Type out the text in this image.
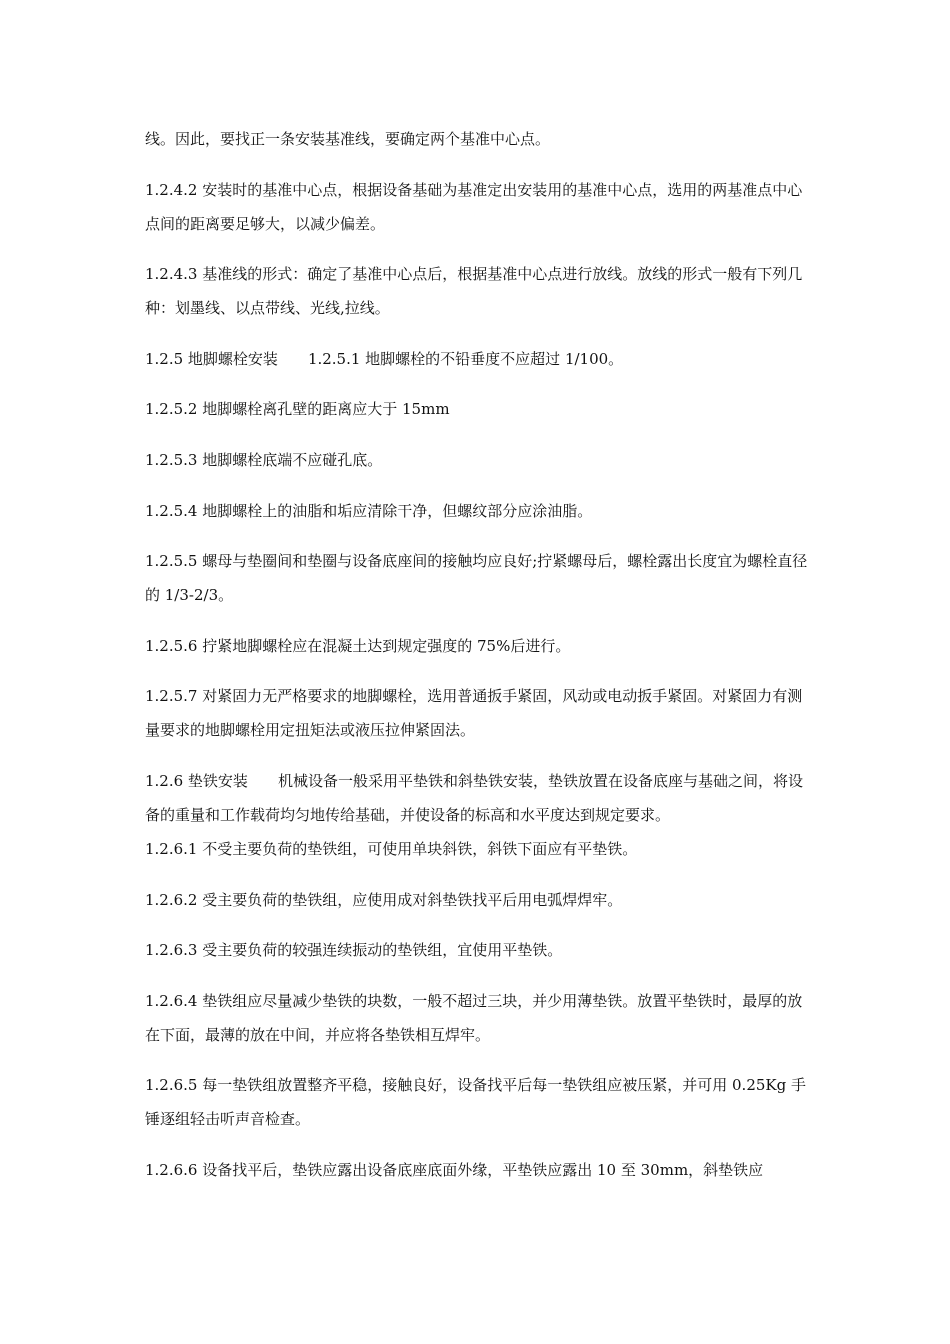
线。因此，要找正一条安装基准线，要确定两个基准中心点。

1.2.4.2 安装时的基准中心点，根据设备基础为基准定出安装用的基准中心点，选用的两基准点中心点间的距离要足够大，以减少偏差。

1.2.4.3 基准线的形式：确定了基准中心点后，根据基准中心点进行放线。放线的形式一般有下列几种：划墨线、以点带线、光线,拉线。

1.2.5 地脚螺栓安装 1.2.5.1 地脚螺栓的不铅垂度不应超过 1/100。

1.2.5.2 地脚螺栓离孔壁的距离应大于 15mm

1.2.5.3 地脚螺栓底端不应碰孔底。

1.2.5.4 地脚螺栓上的油脂和垢应清除干净，但螺纹部分应涂油脂。

1.2.5.5 螺母与垫圈间和垫圈与设备底座间的接触均应良好;拧紧螺母后，螺栓露出长度宜为螺栓直径的 1/3-2/3。

1.2.5.6 拧紧地脚螺栓应在混凝土达到规定强度的 75%后进行。

1.2.5.7 对紧固力无严格要求的地脚螺栓，选用普通扳手紧固，风动或电动扳手紧固。对紧固力有测量要求的地脚螺栓用定扭矩法或液压拉伸紧固法。

1.2.6 垫铁安装 机械设备一般采用平垫铁和斜垫铁安装，垫铁放置在设备底座与基础之间，将设备的重量和工作载荷均匀地传给基础，并使设备的标高和水平度达到规定要求。

1.2.6.1 不受主要负荷的垫铁组，可使用单块斜铁，斜铁下面应有平垫铁。

1.2.6.2 受主要负荷的垫铁组，应使用成对斜垫铁找平后用电弧焊焊牢。

1.2.6.3 受主要负荷的较强连续振动的垫铁组，宜使用平垫铁。

1.2.6.4 垫铁组应尽量减少垫铁的块数，一般不超过三块，并少用薄垫铁。放置平垫铁时，最厚的放在下面，最薄的放在中间，并应将各垫铁相互焊牢。

1.2.6.5 每一垫铁组放置整齐平稳，接触良好，设备找平后每一垫铁组应被压紧，并可用 0.25Kg 手锤逐组轻击听声音检查。

1.2.6.6 设备找平后，垫铁应露出设备底座底面外缘，平垫铁应露出 10 至 30mm，斜垫铁应
